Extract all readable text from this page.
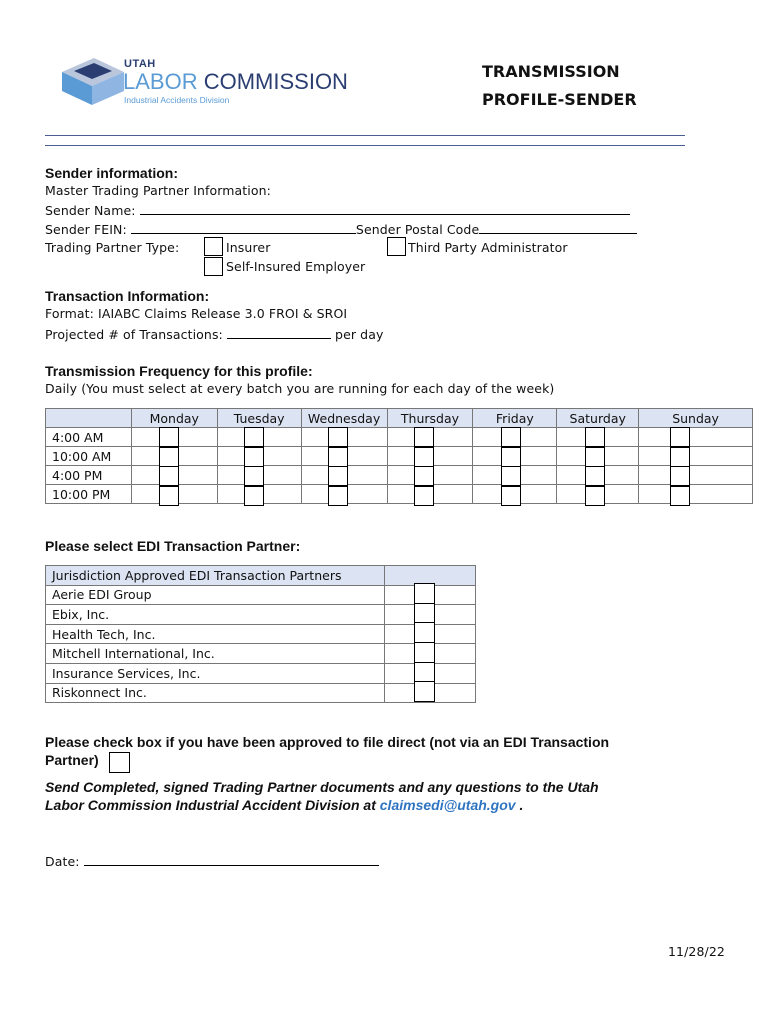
UTAH
LABOR COMMISSION
Industrial Accidents Division
TRANSMISSION
PROFILE-SENDER
Sender information:
Master Trading Partner Information:
Sender Name:
Sender FEIN:	Sender Postal Code
Trading Partner Type:	Insurer	Third Party Administrator
Self-Insured Employer
Transaction Information:
Format: IAIABC Claims Release 3.0 FROI & SROI
Projected # of Transactions:	per day
Transmission Frequency for this profile:
Daily (You must select at every batch you are running for each day of the week)
	Monday	Tuesday	Wednesday	Thursday	Friday	Saturday	Sunday
4:00 AM							
10:00 AM							
4:00 PM							
10:00 PM							
Please select EDI Transaction Partner:
Jurisdiction Approved EDI Transaction Partners	
Aerie EDI Group	
Ebix, Inc.	
Health Tech, Inc.	
Mitchell International, Inc.	
Insurance Services, Inc.	
Riskonnect Inc.	
Please check box if you have been approved to file direct (not via an EDI Transaction
Partner)
Send Completed, signed Trading Partner documents and any questions to the Utah
Labor Commission Industrial Accident Division at claimsedi@utah.gov .
Date:
11/28/22
